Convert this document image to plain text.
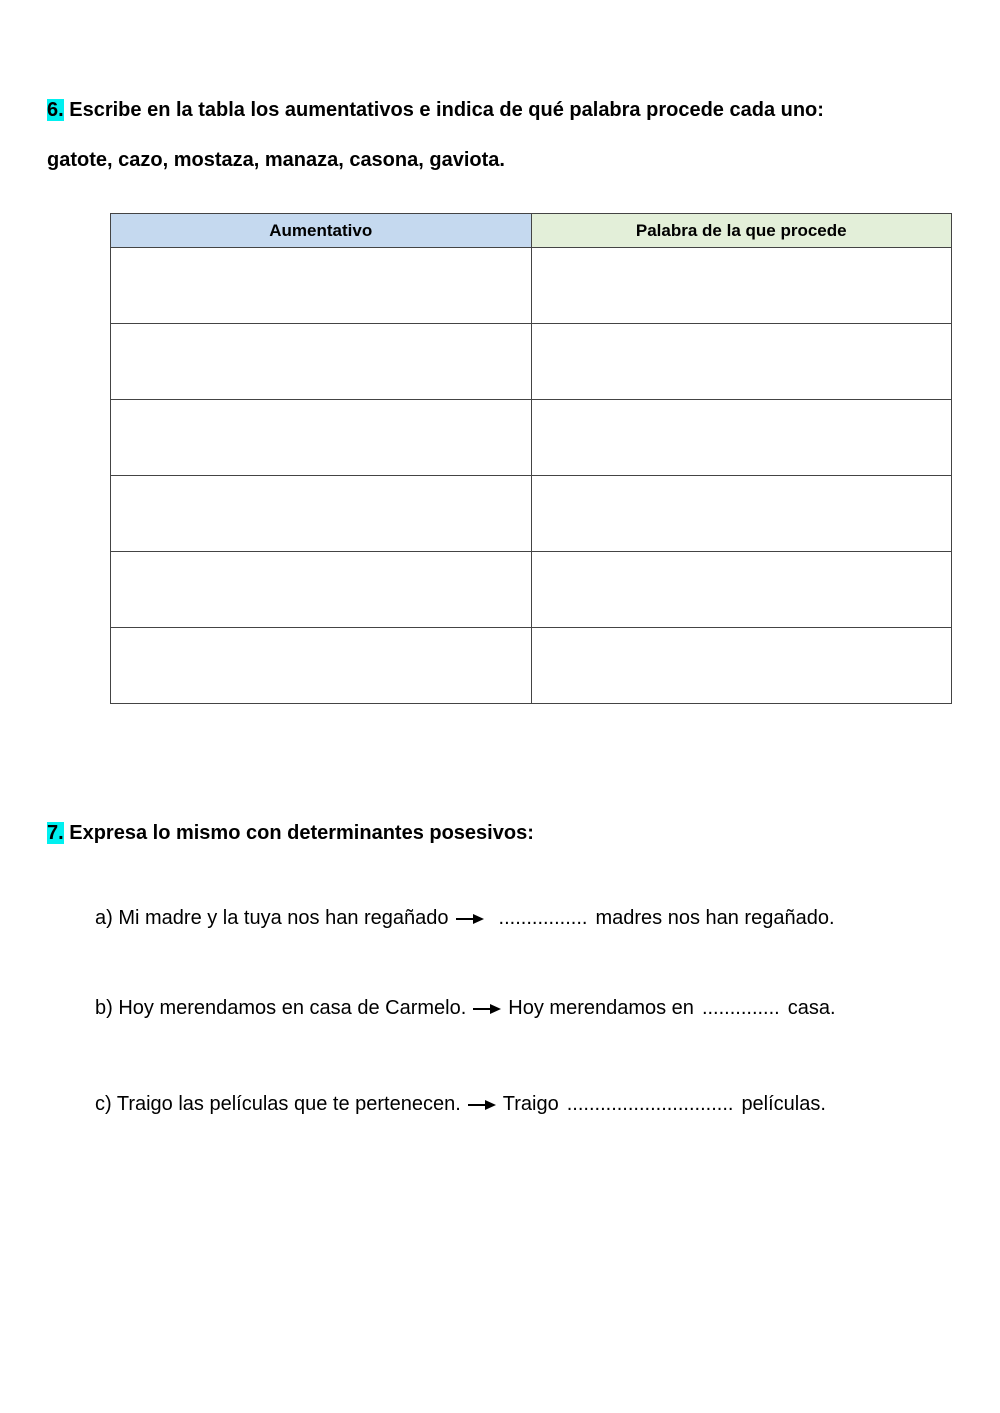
6. Escribe en la tabla los aumentativos e indica de qué palabra procede cada uno:
gatote, cazo, mostaza, manaza, casona, gaviota.
Aumentativo	Palabra de la que procede

7. Expresa lo mismo con determinantes posesivos:
a) Mi madre y la tuya nos han regañado	................ madres nos han regañado.
b) Hoy merendamos en casa de Carmelo. Hoy merendamos en .............. casa.
c) Traigo las películas que te pertenecen. Traigo .............................. películas.
